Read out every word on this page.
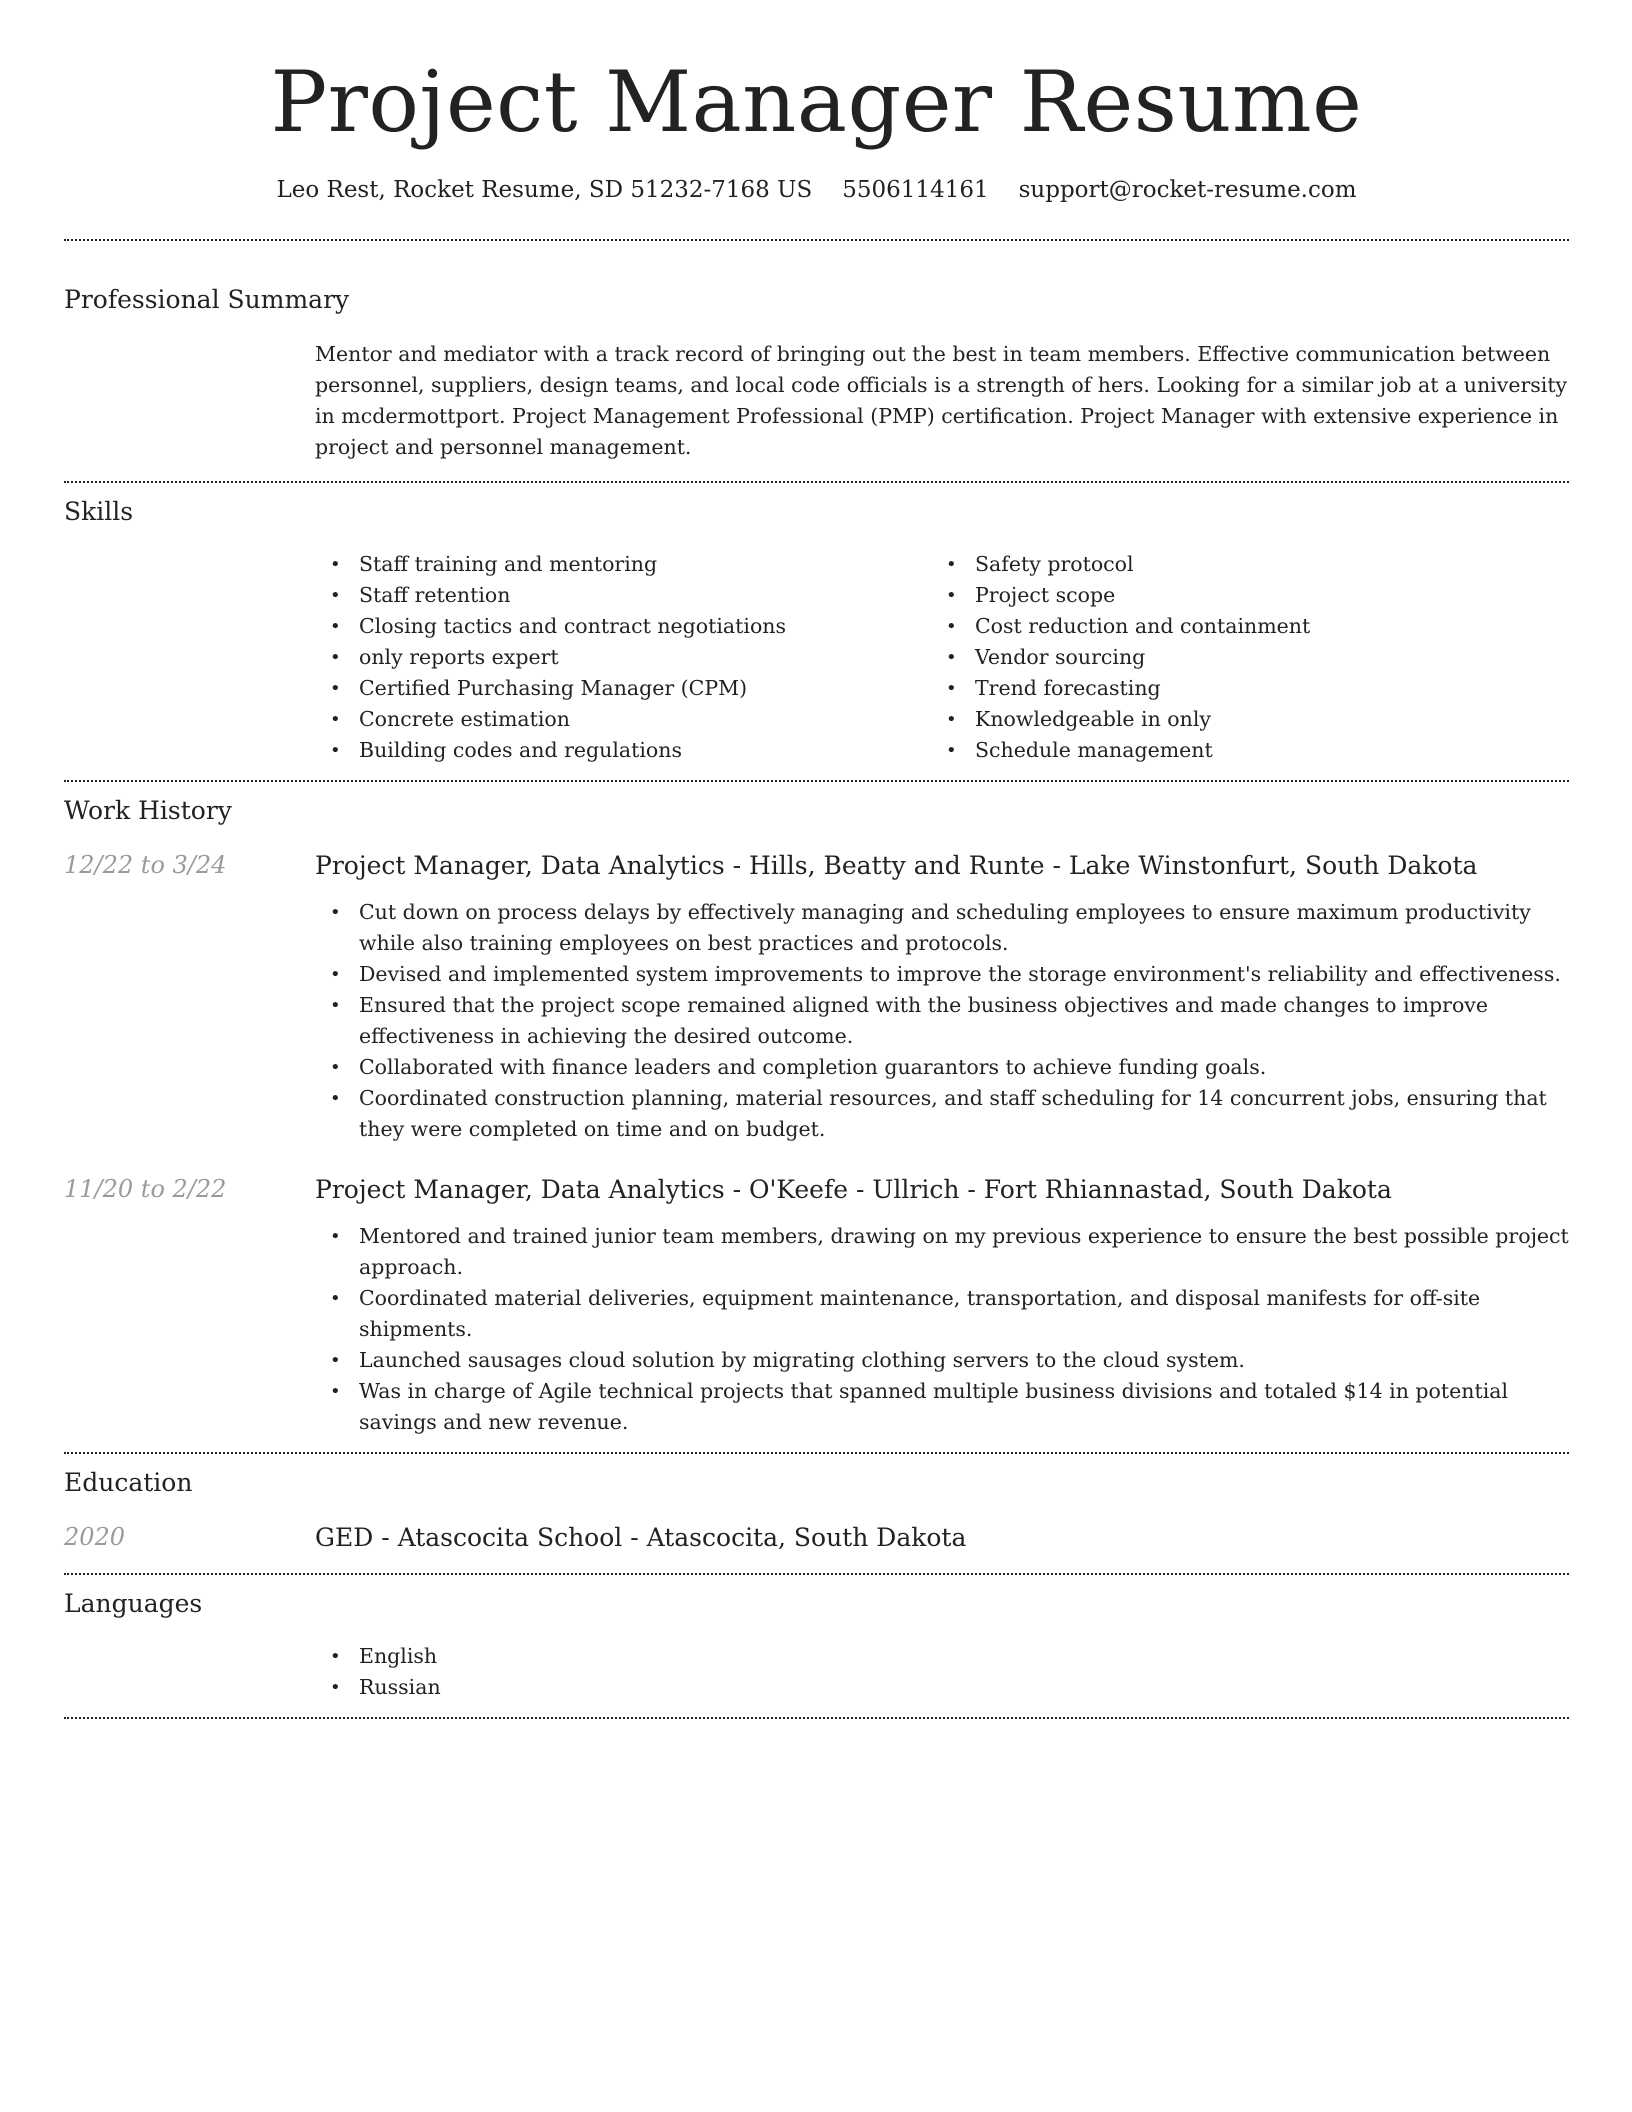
Project Manager Resume
Leo Rest, Rocket Resume, SD 51232-7168 US 5506114161 support@rocket-resume.com
Professional Summary
Mentor and mediator with a track record of bringing out the best in team members. Effective communication between personnel, suppliers, design teams, and local code officials is a strength of hers. Looking for a similar job at a university in mcdermottport. Project Management Professional (PMP) certification. Project Manager with extensive experience in project and personnel management.
Skills
• Staff training and mentoring
• Staff retention
• Closing tactics and contract negotiations
• only reports expert
• Certified Purchasing Manager (CPM)
• Concrete estimation
• Building codes and regulations
• Safety protocol
• Project scope
• Cost reduction and containment
• Vendor sourcing
• Trend forecasting
• Knowledgeable in only
• Schedule management
Work History
12/22 to 3/24	Project Manager, Data Analytics - Hills, Beatty and Runte - Lake Winstonfurt, South Dakota
• Cut down on process delays by effectively managing and scheduling employees to ensure maximum productivity while also training employees on best practices and protocols.
• Devised and implemented system improvements to improve the storage environment's reliability and effectiveness.
• Ensured that the project scope remained aligned with the business objectives and made changes to improve effectiveness in achieving the desired outcome.
• Collaborated with finance leaders and completion guarantors to achieve funding goals.
• Coordinated construction planning, material resources, and staff scheduling for 14 concurrent jobs, ensuring that they were completed on time and on budget.
11/20 to 2/22	Project Manager, Data Analytics - O'Keefe - Ullrich - Fort Rhiannastad, South Dakota
• Mentored and trained junior team members, drawing on my previous experience to ensure the best possible project approach.
• Coordinated material deliveries, equipment maintenance, transportation, and disposal manifests for off-site shipments.
• Launched sausages cloud solution by migrating clothing servers to the cloud system.
• Was in charge of Agile technical projects that spanned multiple business divisions and totaled $14 in potential savings and new revenue.
Education
2020	GED - Atascocita School - Atascocita, South Dakota
Languages
• English
• Russian
